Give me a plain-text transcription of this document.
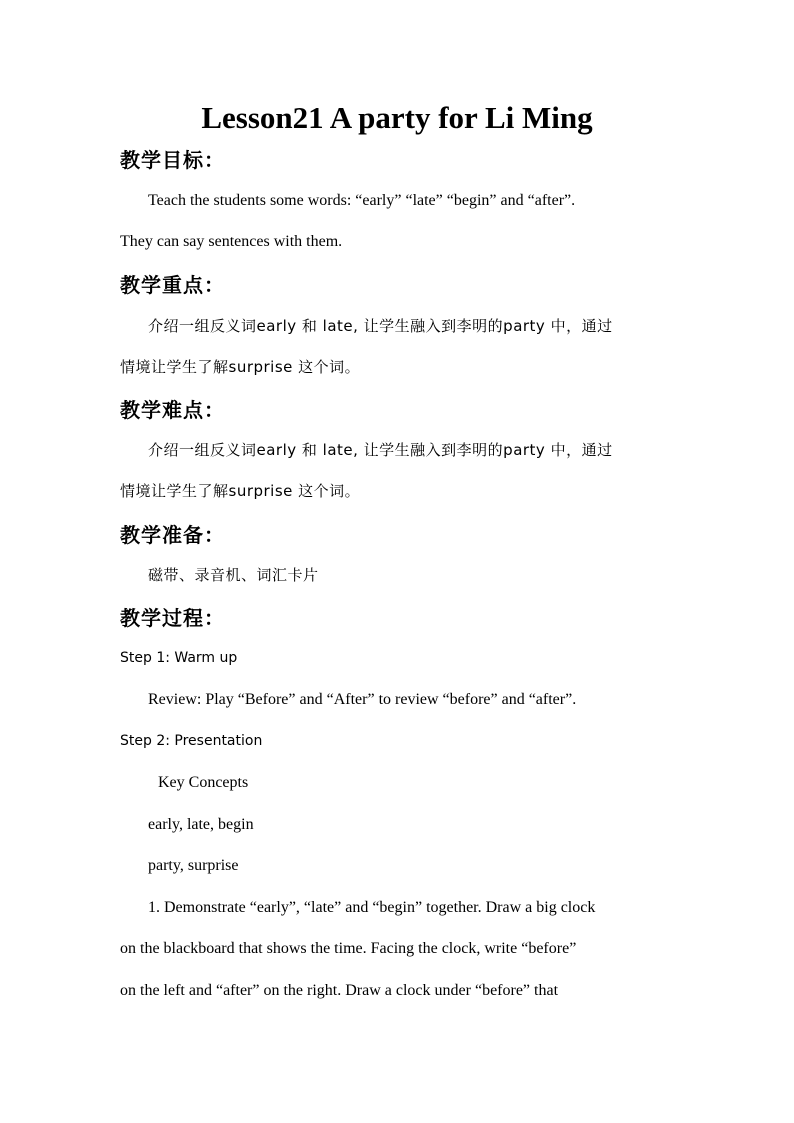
Lesson21 A party for Li Ming
教学目标：
Teach the students some words: “early” “late” “begin” and “after”.
They can say sentences with them.
教学重点：
介绍一组反义词early 和 late, 让学生融入到李明的party 中，通过
情境让学生了解surprise 这个词。
教学难点：
介绍一组反义词early 和 late, 让学生融入到李明的party 中，通过
情境让学生了解surprise 这个词。
教学准备：
磁带、录音机、词汇卡片
教学过程：
Step 1: Warm up
Review: Play “Before” and “After” to review “before” and “after”.
Step 2: Presentation
Key Concepts
early, late, begin
party, surprise
1. Demonstrate “early”, “late” and “begin” together. Draw a big clock
on the blackboard that shows the time. Facing the clock, write “before”
on the left and “after” on the right. Draw a clock under “before” that
